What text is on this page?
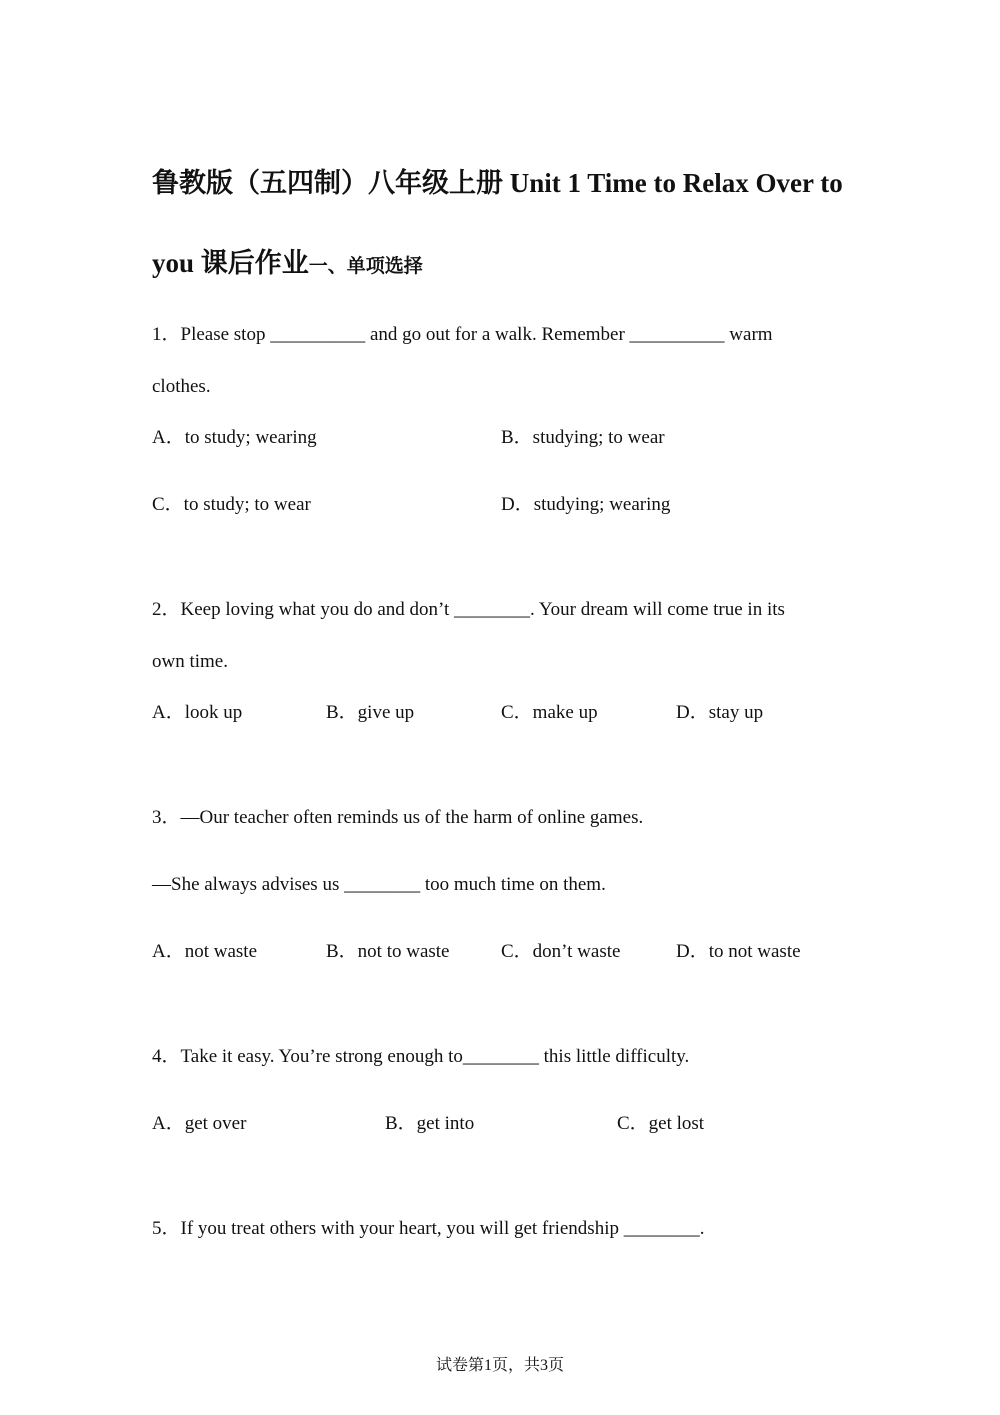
鲁教版（五四制）八年级上册 Unit 1 Time to Relax Over to
you 课后作业一、单项选择
1．Please stop __________ and go out for a walk. Remember __________ warm
clothes.
A．to study; wearing	B．studying; to wear
C．to study; to wear	D．studying; wearing
2．Keep loving what you do and don’t ________. Your dream will come true in its
own time.
A．look up	B．give up	C．make up	D．stay up
3．—Our teacher often reminds us of the harm of online games.
—She always advises us ________ too much time on them.
A．not waste	B．not to waste	C．don’t waste	D．to not waste
4．Take it easy. You’re strong enough to________ this little difficulty.
A．get over	B．get into	C．get lost
5．If you treat others with your heart, you will get friendship ________.
试卷第1页，共3页
